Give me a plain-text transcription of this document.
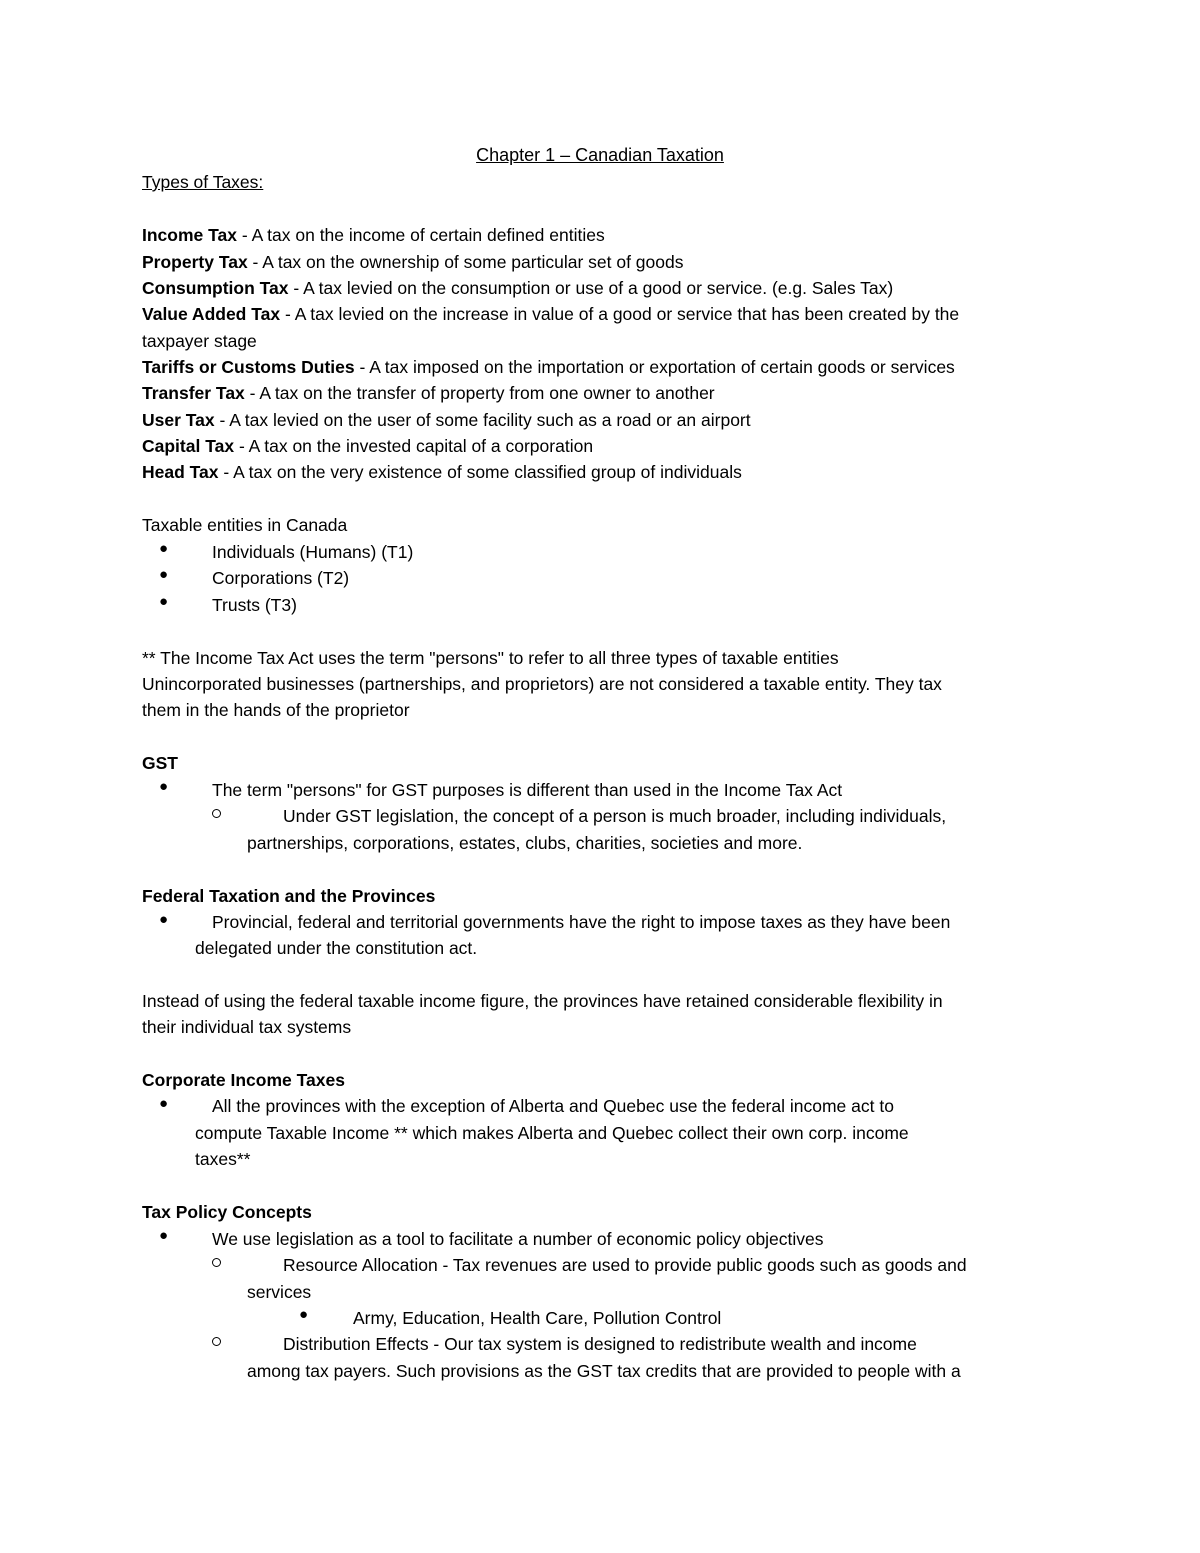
Chapter 1 – Canadian Taxation
Types of Taxes:
Income Tax - A tax on the income of certain defined entities
Property Tax - A tax on the ownership of some particular set of goods
Consumption Tax - A tax levied on the consumption or use of a good or service. (e.g. Sales Tax)
Value Added Tax - A tax levied on the increase in value of a good or service that has been created by the
taxpayer stage
Tariffs or Customs Duties - A tax imposed on the importation or exportation of certain goods or services
Transfer Tax - A tax on the transfer of property from one owner to another
User Tax - A tax levied on the user of some facility such as a road or an airport
Capital Tax - A tax on the invested capital of a corporation
Head Tax - A tax on the very existence of some classified group of individuals
Taxable entities in Canada
●	Individuals (Humans) (T1)
●	Corporations (T2)
●	Trusts (T3)
** The Income Tax Act uses the term "persons" to refer to all three types of taxable entities
Unincorporated businesses (partnerships, and proprietors) are not considered a taxable entity. They tax
them in the hands of the proprietor
GST
●	The term "persons" for GST purposes is different than used in the Income Tax Act
Under GST legislation, the concept of a person is much broader, including individuals,
partnerships, corporations, estates, clubs, charities, societies and more.
Federal Taxation and the Provinces
●	Provincial, federal and territorial governments have the right to impose taxes as they have been
delegated under the constitution act.
Instead of using the federal taxable income figure, the provinces have retained considerable flexibility in
their individual tax systems
Corporate Income Taxes
●	All the provinces with the exception of Alberta and Quebec use the federal income act to
compute Taxable Income ** which makes Alberta and Quebec collect their own corp. income
taxes**
Tax Policy Concepts
●	We use legislation as a tool to facilitate a number of economic policy objectives
Resource Allocation - Tax revenues are used to provide public goods such as goods and
services
●	Army, Education, Health Care, Pollution Control
Distribution Effects - Our tax system is designed to redistribute wealth and income
among tax payers. Such provisions as the GST tax credits that are provided to people with a
